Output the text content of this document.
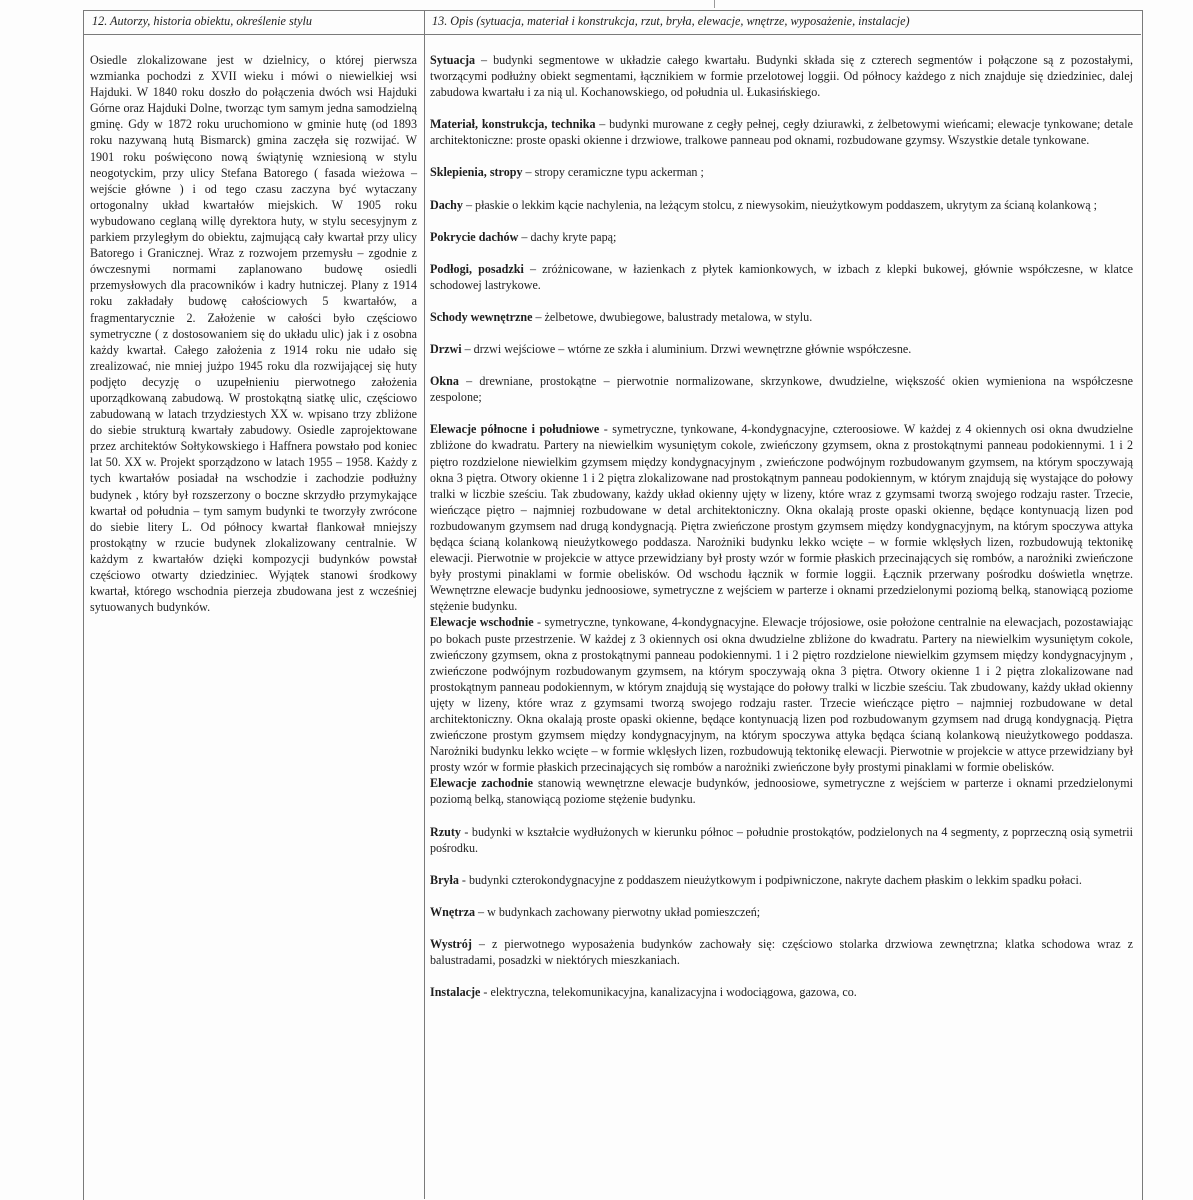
12. Autorzy, historia obiektu, określenie stylu	13. Opis (sytuacja, materiał i konstrukcja, rzut, bryła, elewacje, wnętrze, wyposażenie, instalacje)
Osiedle zlokalizowane jest w dzielnicy, o której pierwsza wzmianka pochodzi z XVII wieku i mówi o niewielkiej wsi Hajduki. W 1840 roku doszło do połączenia dwóch wsi Hajduki Górne oraz Hajduki Dolne, tworząc tym samym jedna samodzielną gminę. Gdy w 1872 roku uruchomiono w gminie hutę (od 1893 roku nazywaną hutą Bismarck) gmina zaczęła się rozwijać. W 1901 roku poświęcono nową świątynię wzniesioną w stylu neogotyckim, przy ulicy Stefana Batorego ( fasada wieżowa – wejście główne ) i od tego czasu zaczyna być wytaczany ortogonalny układ kwartałów miejskich. W 1905 roku wybudowano ceglaną willę dyrektora huty, w stylu secesyjnym z parkiem przyległym do obiektu, zajmującą cały kwartał przy ulicy Batorego i Granicznej. Wraz z rozwojem przemysłu – zgodnie z ówczesnymi normami zaplanowano budowę osiedli przemysłowych dla pracowników i kadry hutniczej. Plany z 1914 roku zakładały budowę całościowych 5 kwartałów, a fragmentarycznie 2. Założenie w całości było częściowo symetryczne ( z dostosowaniem się do układu ulic) jak i z osobna każdy kwartał. Całego założenia z 1914 roku nie udało się zrealizować, nie mniej jużpo 1945 roku dla rozwijającej się huty podjęto decyzję o uzupełnieniu pierwotnego założenia uporządkowaną zabudową. W prostokątną siatkę ulic, częściowo zabudowaną w latach trzydziestych XX w. wpisano trzy zbliżone do siebie strukturą kwartały zabudowy. Osiedle zaprojektowane przez architektów Sołtykowskiego i Haffnera powstało pod koniec lat 50. XX w. Projekt sporządzono w latach 1955 – 1958. Każdy z tych kwartałów posiadał na wschodzie i zachodzie podłużny budynek , który był rozszerzony o boczne skrzydło przymykające kwartał od południa – tym samym budynki te tworzyły zwrócone do siebie litery L. Od północy kwartał flankował mniejszy prostokątny w rzucie budynek zlokalizowany centralnie. W każdym z kwartałów dzięki kompozycji budynków powstał częściowo otwarty dziedziniec. Wyjątek stanowi środkowy kwartał, którego wschodnia pierzeja zbudowana jest z wcześniej sytuowanych budynków.

Sytuacja – budynki segmentowe w układzie całego kwartału. Budynki składa się z czterech segmentów i połączone są z pozostałymi, tworzącymi podłużny obiekt segmentami, łącznikiem w formie przelotowej loggii. Od północy każdego z nich znajduje się dziedziniec, dalej zabudowa kwartału i za nią ul. Kochanowskiego, od południa ul. Łukasińskiego.

Materiał, konstrukcja, technika – budynki murowane z cegły pełnej, cegły dziurawki, z żelbetowymi wieńcami; elewacje tynkowane; detale architektoniczne: proste opaski okienne i drzwiowe, tralkowe panneau pod oknami, rozbudowane gzymsy. Wszystkie detale tynkowane.

Sklepienia, stropy – stropy ceramiczne typu ackerman ;

Dachy – płaskie o lekkim kącie nachylenia, na leżącym stolcu, z niewysokim, nieużytkowym poddaszem, ukrytym za ścianą kolankową ;

Pokrycie dachów – dachy kryte papą;

Podłogi, posadzki – zróżnicowane, w łazienkach z płytek kamionkowych, w izbach z klepki bukowej, głównie współczesne, w klatce schodowej lastrykowe.

Schody wewnętrzne – żelbetowe, dwubiegowe, balustrady metalowa, w stylu.

Drzwi – drzwi wejściowe – wtórne ze szkła i aluminium. Drzwi wewnętrzne głównie współczesne.

Okna – drewniane, prostokątne – pierwotnie normalizowane, skrzynkowe, dwudzielne, większość okien wymieniona na współczesne zespolone;

Elewacje północne i południowe - symetryczne, tynkowane, 4-kondygnacyjne, czteroosiowe. W każdej z 4 okiennych osi okna dwudzielne zbliżone do kwadratu. Partery na niewielkim wysuniętym cokole, zwieńczony gzymsem, okna z prostokątnymi panneau podokiennymi. 1 i 2 piętro rozdzielone niewielkim gzymsem między kondygnacyjnym , zwieńczone podwójnym rozbudowanym gzymsem, na którym spoczywają okna 3 piętra. Otwory okienne 1 i 2 piętra zlokalizowane nad prostokątnym panneau podokiennym, w którym znajdują się wystające do połowy tralki w liczbie sześciu. Tak zbudowany, każdy układ okienny ujęty w lizeny, które wraz z gzymsami tworzą swojego rodzaju raster. Trzecie, wieńczące piętro – najmniej rozbudowane w detal architektoniczny. Okna okalają proste opaski okienne, będące kontynuacją lizen pod rozbudowanym gzymsem nad drugą kondygnacją. Piętra zwieńczone prostym gzymsem między kondygnacyjnym, na którym spoczywa attyka będąca ścianą kolankową nieużytkowego poddasza. Narożniki budynku lekko wcięte – w formie wklęsłych lizen, rozbudowują tektonikę elewacji. Pierwotnie w projekcie w attyce przewidziany był prosty wzór w formie płaskich przecinających się rombów, a narożniki zwieńczone były prostymi pinaklami w formie obelisków. Od wschodu łącznik w formie loggii. Łącznik przerwany pośrodku doświetla wnętrze. Wewnętrzne elewacje budynku jednoosiowe, symetryczne z wejściem w parterze i oknami przedzielonymi poziomą belką, stanowiącą poziome stężenie budynku.

Elewacje wschodnie - symetryczne, tynkowane, 4-kondygnacyjne. Elewacje trójosiowe, osie położone centralnie na elewacjach, pozostawiając po bokach puste przestrzenie. W każdej z 3 okiennych osi okna dwudzielne zbliżone do kwadratu. Partery na niewielkim wysuniętym cokole, zwieńczony gzymsem, okna z prostokątnymi panneau podokiennymi. 1 i 2 piętro rozdzielone niewielkim gzymsem między kondygnacyjnym , zwieńczone podwójnym rozbudowanym gzymsem, na którym spoczywają okna 3 piętra. Otwory okienne 1 i 2 piętra zlokalizowane nad prostokątnym panneau podokiennym, w którym znajdują się wystające do połowy tralki w liczbie sześciu. Tak zbudowany, każdy układ okienny ujęty w lizeny, które wraz z gzymsami tworzą swojego rodzaju raster. Trzecie wieńczące piętro – najmniej rozbudowane w detal architektoniczny. Okna okalają proste opaski okienne, będące kontynuacją lizen pod rozbudowanym gzymsem nad drugą kondygnacją. Piętra zwieńczone prostym gzymsem między kondygnacyjnym, na którym spoczywa attyka będąca ścianą kolankową nieużytkowego poddasza. Narożniki budynku lekko wcięte – w formie wklęsłych lizen, rozbudowują tektonikę elewacji. Pierwotnie w projekcie w attyce przewidziany był prosty wzór w formie płaskich przecinających się rombów a narożniki zwieńczone były prostymi pinaklami w formie obelisków.

Elewacje zachodnie stanowią wewnętrzne elewacje budynków, jednoosiowe, symetryczne z wejściem w parterze i oknami przedzielonymi poziomą belką, stanowiącą poziome stężenie budynku.

Rzuty - budynki w kształcie wydłużonych w kierunku północ – południe prostokątów, podzielonych na 4 segmenty, z poprzeczną osią symetrii pośrodku.

Bryła - budynki czterokondygnacyjne z poddaszem nieużytkowym i podpiwniczone, nakryte dachem płaskim o lekkim spadku połaci.

Wnętrza – w budynkach zachowany pierwotny układ pomieszczeń;

Wystrój – z pierwotnego wyposażenia budynków zachowały się: częściowo stolarka drzwiowa zewnętrzna; klatka schodowa wraz z balustradami, posadzki w niektórych mieszkaniach.

Instalacje - elektryczna, telekomunikacyjna, kanalizacyjna i wodociągowa, gazowa, co.
